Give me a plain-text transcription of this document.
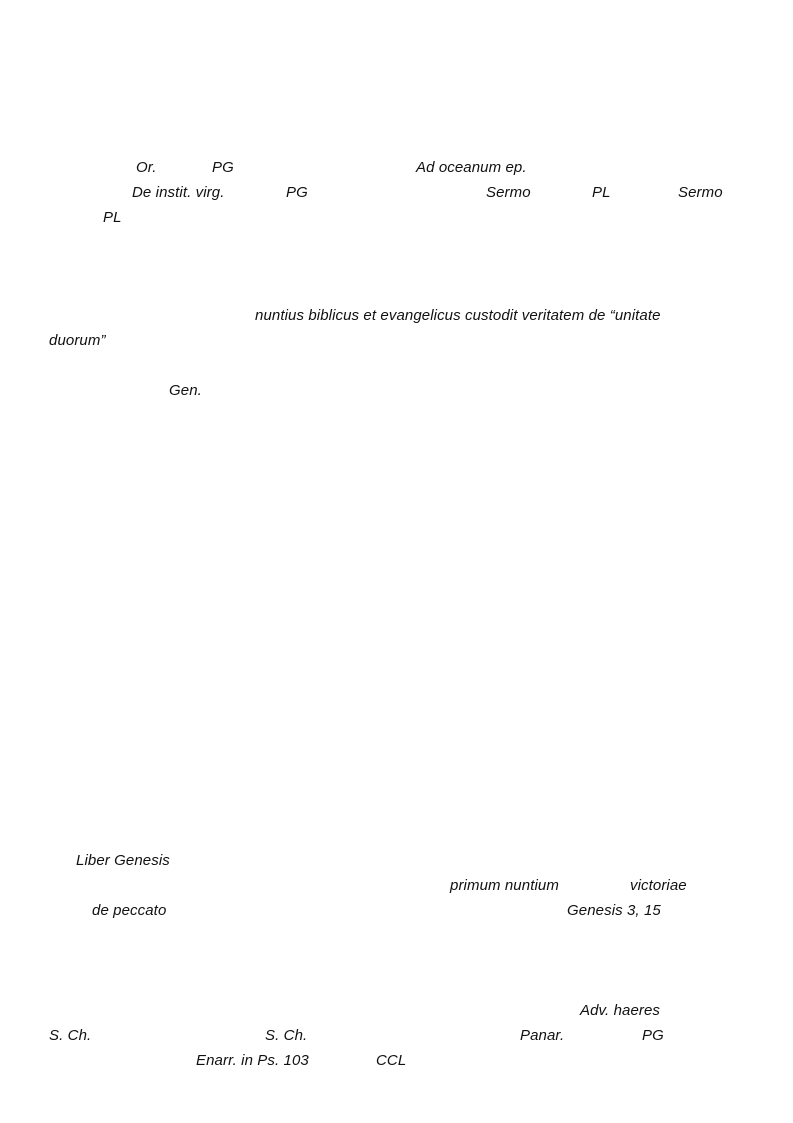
Or.	PG	Ad oceanum ep.
De instit. virg.	PG	Sermo	PL	Sermo
PL
nuntius biblicus et evangelicus custodit veritatem de “unitate
duorum”
Gen.
Liber Genesis
primum nuntium	victoriae
de peccato	Genesis 3, 15
Adv. haeres
S. Ch.	S. Ch.	Panar.	PG
Enarr. in Ps. 103	CCL
